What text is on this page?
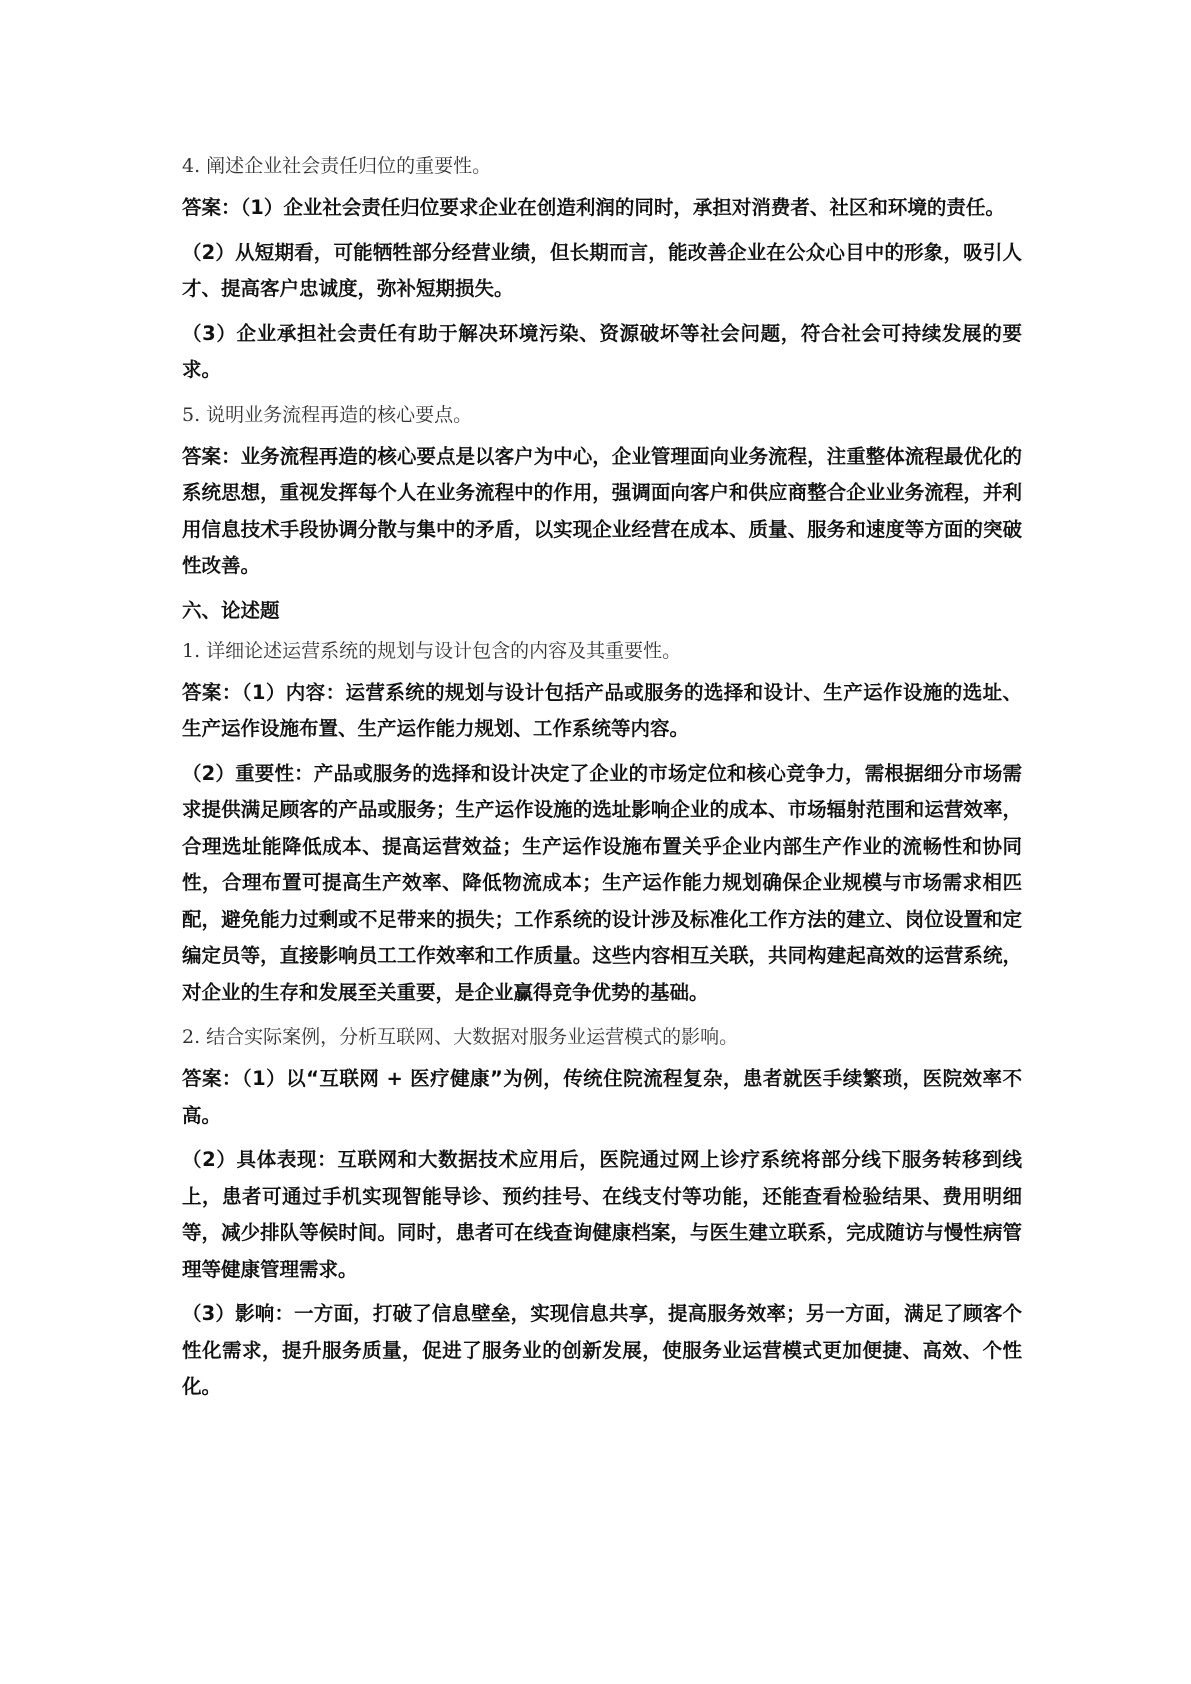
4. 阐述企业社会责任归位的重要性。

答案：（1）企业社会责任归位要求企业在创造利润的同时，承担对消费者、社区和环境的责任。

（2）从短期看，可能牺牲部分经营业绩，但长期而言，能改善企业在公众心目中的形象，吸引人才、提高客户忠诚度，弥补短期损失。

（3）企业承担社会责任有助于解决环境污染、资源破坏等社会问题，符合社会可持续发展的要求。

5. 说明业务流程再造的核心要点。

答案：业务流程再造的核心要点是以客户为中心，企业管理面向业务流程，注重整体流程最优化的系统思想，重视发挥每个人在业务流程中的作用，强调面向客户和供应商整合企业业务流程，并利用信息技术手段协调分散与集中的矛盾，以实现企业经营在成本、质量、服务和速度等方面的突破性改善。

六、论述题

1. 详细论述运营系统的规划与设计包含的内容及其重要性。

答案：（1）内容：运营系统的规划与设计包括产品或服务的选择和设计、生产运作设施的选址、生产运作设施布置、生产运作能力规划、工作系统等内容。

（2）重要性：产品或服务的选择和设计决定了企业的市场定位和核心竞争力，需根据细分市场需求提供满足顾客的产品或服务；生产运作设施的选址影响企业的成本、市场辐射范围和运营效率，合理选址能降低成本、提高运营效益；生产运作设施布置关乎企业内部生产作业的流畅性和协同性，合理布置可提高生产效率、降低物流成本；生产运作能力规划确保企业规模与市场需求相匹配，避免能力过剩或不足带来的损失；工作系统的设计涉及标准化工作方法的建立、岗位设置和定编定员等，直接影响员工工作效率和工作质量。这些内容相互关联，共同构建起高效的运营系统，对企业的生存和发展至关重要，是企业赢得竞争优势的基础。

2. 结合实际案例，分析互联网、大数据对服务业运营模式的影响。

答案：（1）以“互联网 + 医疗健康”为例，传统住院流程复杂，患者就医手续繁琐，医院效率不高。

（2）具体表现：互联网和大数据技术应用后，医院通过网上诊疗系统将部分线下服务转移到线上，患者可通过手机实现智能导诊、预约挂号、在线支付等功能，还能查看检验结果、费用明细等，减少排队等候时间。同时，患者可在线查询健康档案，与医生建立联系，完成随访与慢性病管理等健康管理需求。

（3）影响：一方面，打破了信息壁垒，实现信息共享，提高服务效率；另一方面，满足了顾客个性化需求，提升服务质量，促进了服务业的创新发展，使服务业运营模式更加便捷、高效、个性化。
